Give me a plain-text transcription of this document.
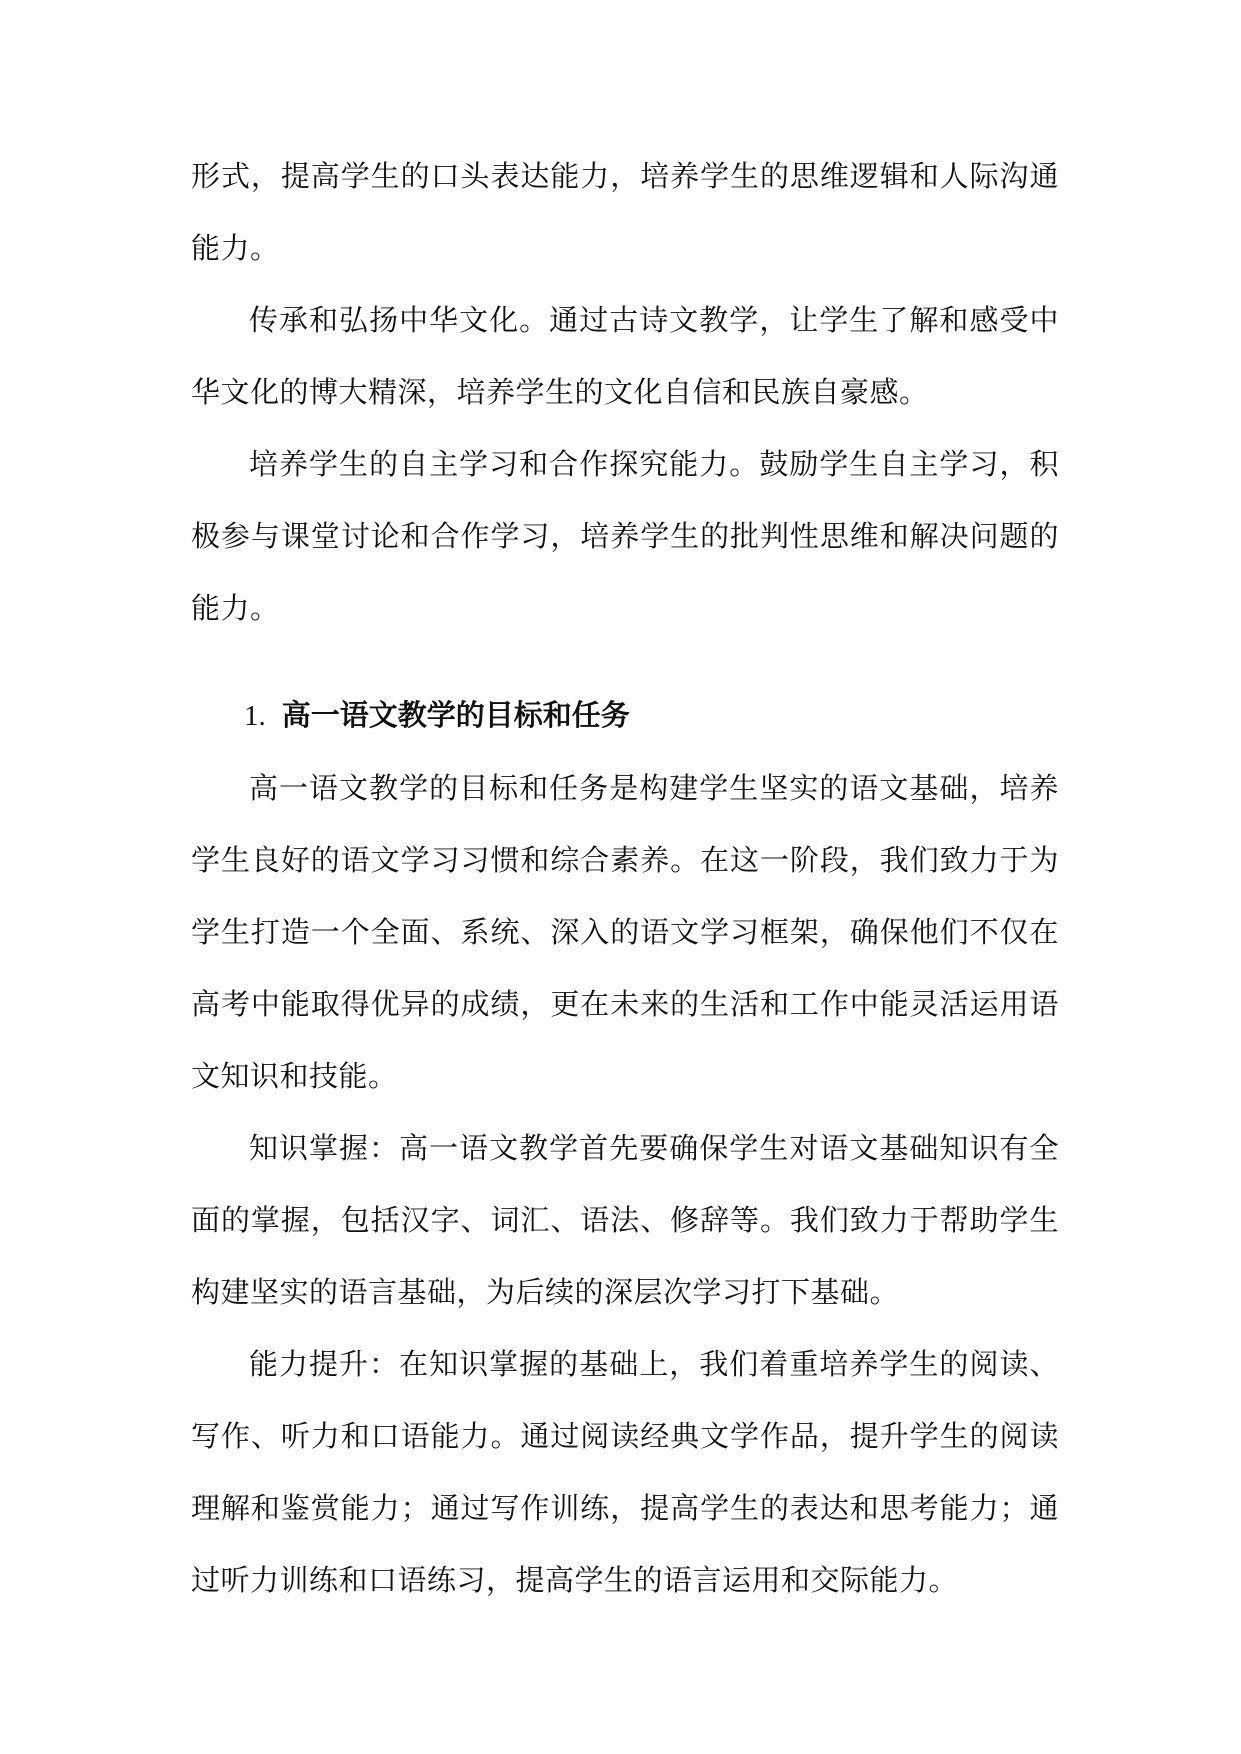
形式，提高学生的口头表达能力，培养学生的思维逻辑和人际沟通能力。

传承和弘扬中华文化。通过古诗文教学，让学生了解和感受中华文化的博大精深，培养学生的文化自信和民族自豪感。

培养学生的自主学习和合作探究能力。鼓励学生自主学习，积极参与课堂讨论和合作学习，培养学生的批判性思维和解决问题的能力。

1. 高一语文教学的目标和任务

高一语文教学的目标和任务是构建学生坚实的语文基础，培养学生良好的语文学习习惯和综合素养。在这一阶段，我们致力于为学生打造一个全面、系统、深入的语文学习框架，确保他们不仅在高考中能取得优异的成绩，更在未来的生活和工作中能灵活运用语文知识和技能。

知识掌握：高一语文教学首先要确保学生对语文基础知识有全面的掌握，包括汉字、词汇、语法、修辞等。我们致力于帮助学生构建坚实的语言基础，为后续的深层次学习打下基础。

能力提升：在知识掌握的基础上，我们着重培养学生的阅读、写作、听力和口语能力。通过阅读经典文学作品，提升学生的阅读理解和鉴赏能力；通过写作训练，提高学生的表达和思考能力；通过听力训练和口语练习，提高学生的语言运用和交际能力。
